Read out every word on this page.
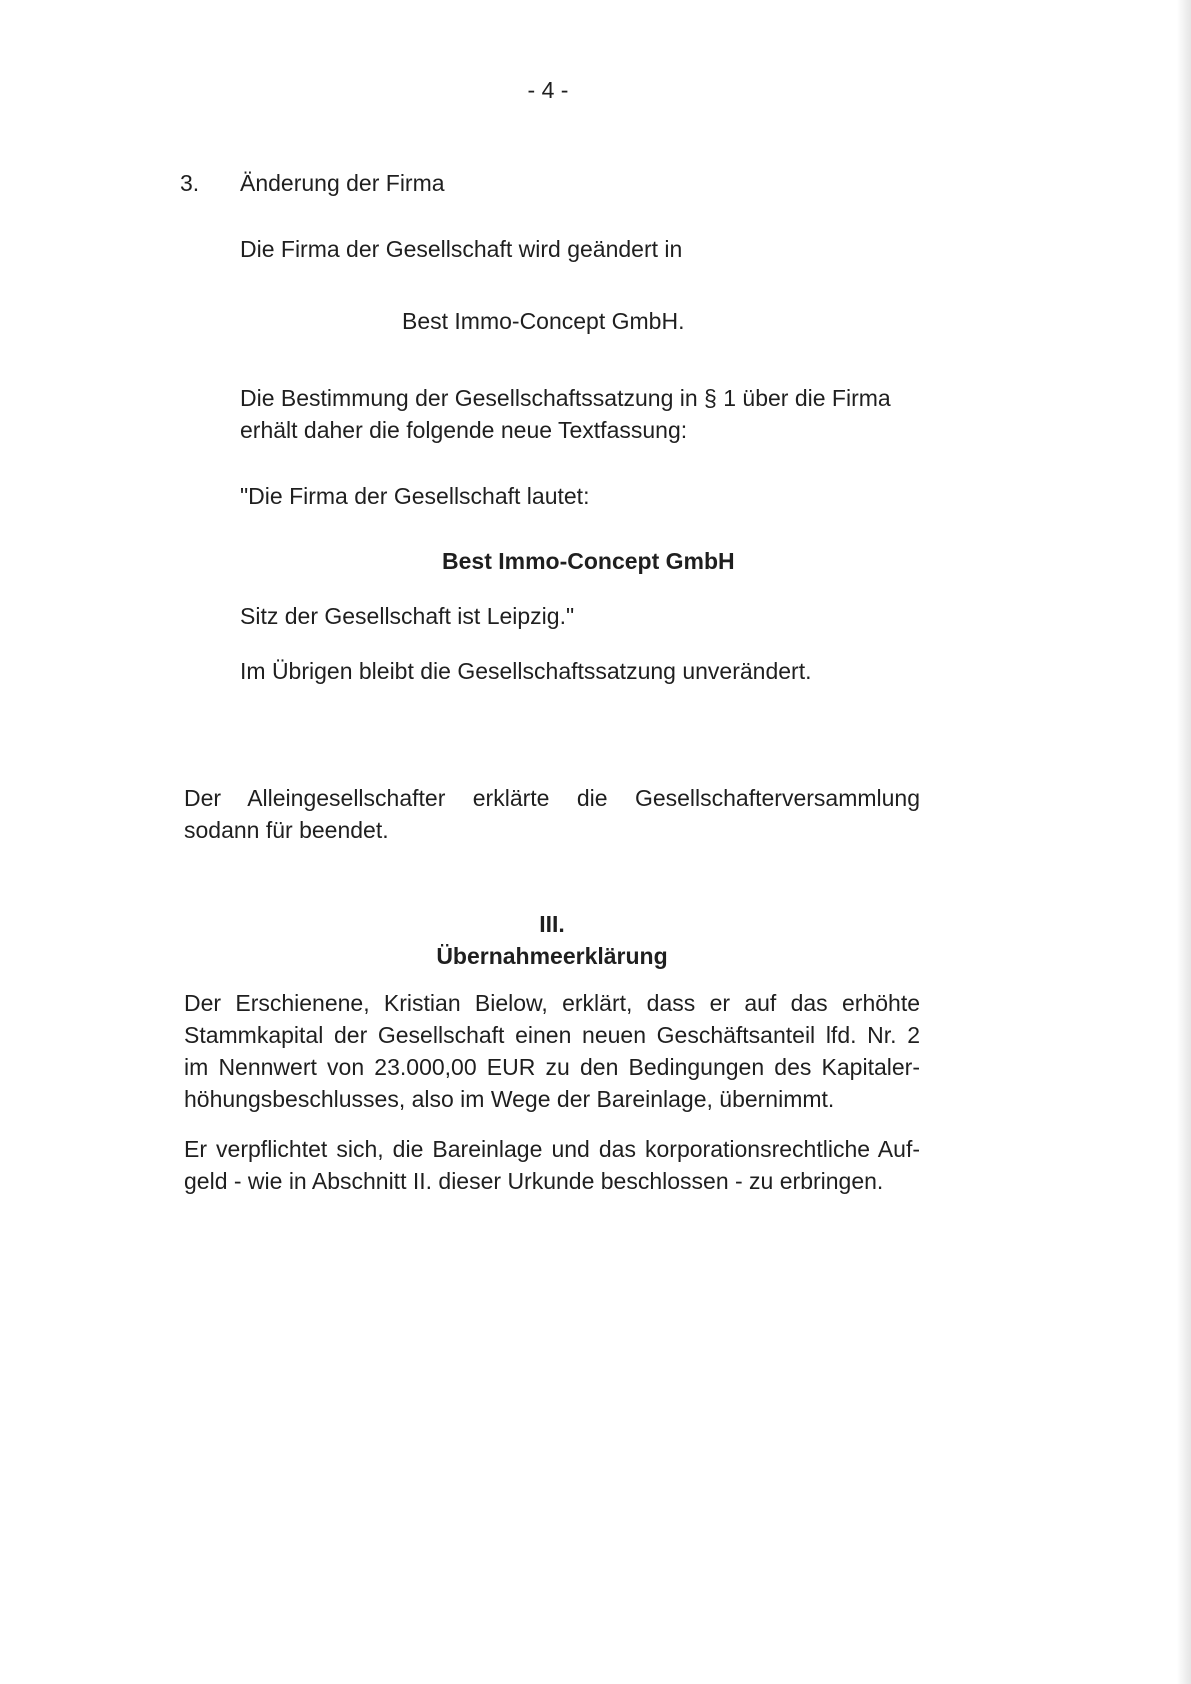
- 4 -

3. Änderung der Firma

Die Firma der Gesellschaft wird geändert in

Best Immo-Concept GmbH.

Die Bestimmung der Gesellschaftssatzung in § 1 über die Firma
erhält daher die folgende neue Textfassung:

"Die Firma der Gesellschaft lautet:

Best Immo-Concept GmbH

Sitz der Gesellschaft ist Leipzig."

Im Übrigen bleibt die Gesellschaftssatzung unverändert.

Der Alleingesellschafter erklärte die Gesellschafterversammlung
sodann für beendet.

III.

Übernahmeerklärung

Der Erschienene, Kristian Bielow, erklärt, dass er auf das erhöhte
Stammkapital der Gesellschaft einen neuen Geschäftsanteil lfd. Nr. 2
im Nennwert von 23.000,00 EUR zu den Bedingungen des Kapitaler-
höhungsbeschlusses, also im Wege der Bareinlage, übernimmt.
Er verpflichtet sich, die Bareinlage und das korporationsrechtliche Auf-
geld - wie in Abschnitt II. dieser Urkunde beschlossen - zu erbringen.
